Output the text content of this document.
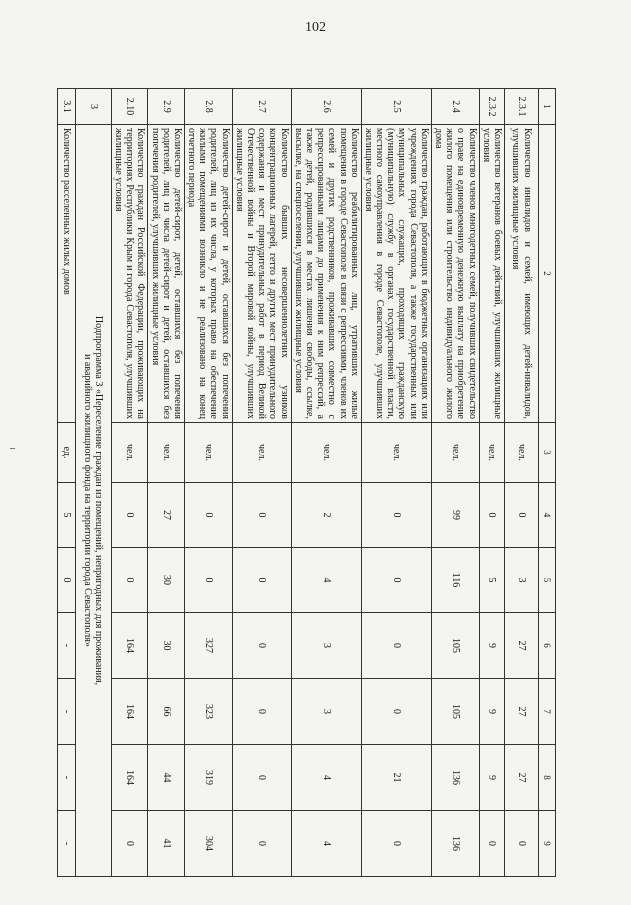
102
1	2	3	4	5	6	7	8	9
2.3.1	Количество инвалидов и семей, имеющих детей-инвалидов, улучшивших жилищные условия	чел.	0	3	27	27	27	0
2.3.2	Количество ветеранов боевых действий, улучшивших жилищные условия	чел.	0	5	9	9	9	0
2.4	Количество членов многодетных семей, получивших свидетельство о праве на единовременную денежную выплату на приобретение жилого помещения или строительство индивидуального жилого дома	чел.	99	116	105	105	136	136
2.5	Количество граждан, работающих в бюджетных организациях или учреждениях города Севастополя, а также государственных или муниципальных служащих, проходящих гражданскую (муниципальную) службу в органах государственной власти, местного самоуправления в городе Севастополе, улучшивших жилищные условия	чел.	0	0	0	0	21	0
2.6	Количество реабилитированных лиц, утративших жилые помещения в городе Севастополе в связи с репрессиями, членов их семей и других родственников, проживавших совместно с репрессированными лицами до применения к ним репрессий, а также детей, родившихся в местах лишения свободы, ссылке, высылке, на спецпоселении, улучшивших жилищные условия	чел.	2	4	3	3	4	4
2.7	Количество бывших несовершеннолетних узников концентрационных лагерей, гетто и других мест принудительного содержания и мест принудительных работ в период Великой Отечественной войны и Второй мировой войны, улучшивших жилищные условия	чел.	0	0	0	0	0	0
2.8	Количество детей-сирот и детей, оставшихся без попечения родителей, лиц из их числа, у которых право на обеспечение жилыми помещениями возникло и не реализовано на конец отчетного периода	чел.	0	0	327	323	319	304
2.9	Количество детей-сирот, детей, оставшихся без попечения родителей, лиц из числа детей-сирот и детей, оставшихся без попечения родителей, улучшивших жилищные условия	чел.	27	30	30	66	44	41
2.10	Количество граждан Российской Федерации, проживающих на территориях Республики Крым и города Севастополя, улучшивших жилищные условия	чел.	0	0	164	164	164	0
3	Подпрограмма 3 «Переселение граждан из помещений, непригодных для проживания,
и аварийного жилищного фонда на территории города Севастополя»							

3.1	Количество расселенных жилых домов	ед.	5	0	-	-	-	-
